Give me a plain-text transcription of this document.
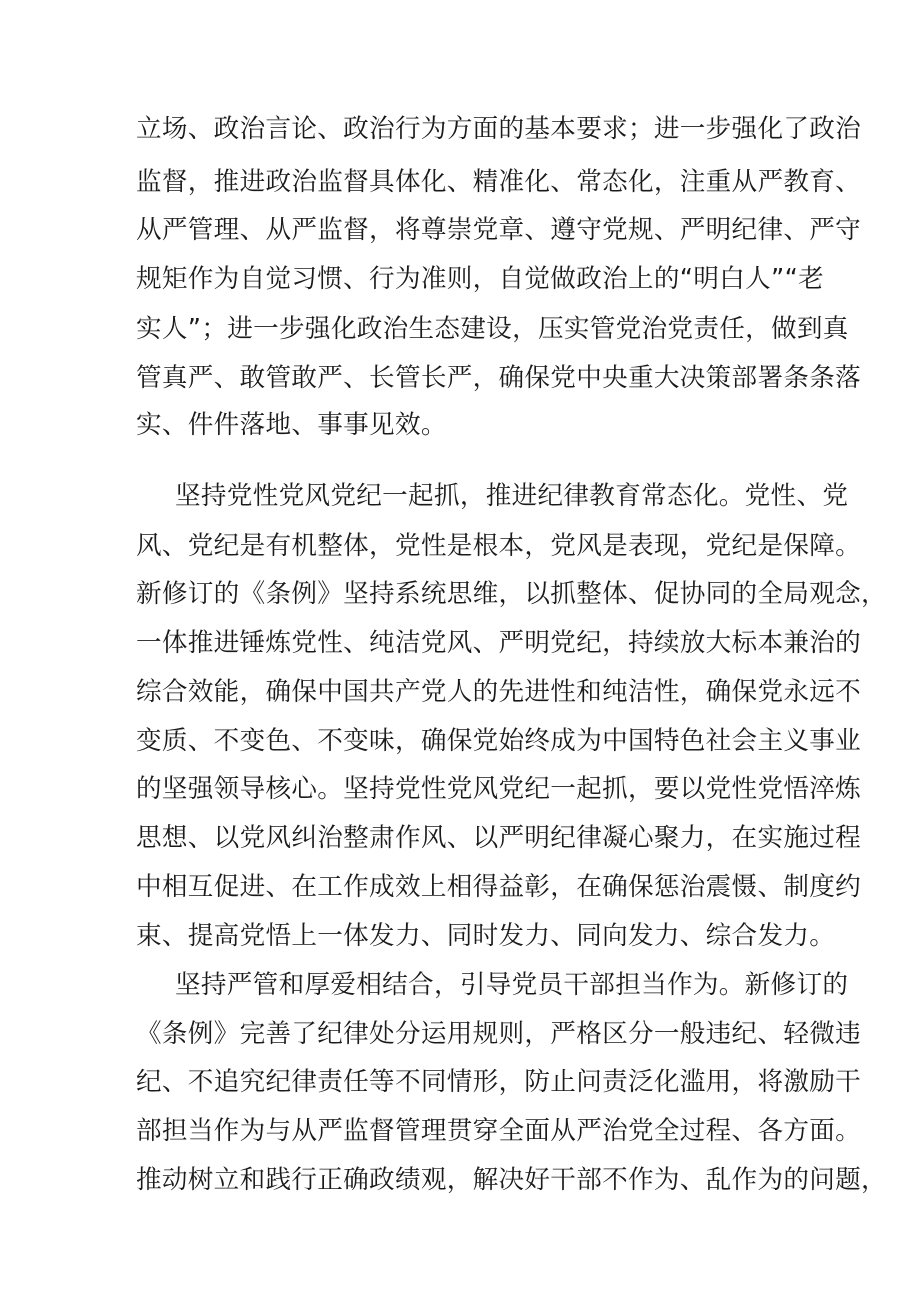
立场、政治言论、政治行为方面的基本要求；进一步强化了政治
监督，推进政治监督具体化、精准化、常态化，注重从严教育、
从严管理、从严监督，将尊崇党章、遵守党规、严明纪律、严守
规矩作为自觉习惯、行为准则，自觉做政治上的“明白人”“老
实人”；进一步强化政治生态建设，压实管党治党责任，做到真
管真严、敢管敢严、长管长严，确保党中央重大决策部署条条落
实、件件落地、事事见效。
坚持党性党风党纪一起抓，推进纪律教育常态化。党性、党
风、党纪是有机整体，党性是根本，党风是表现，党纪是保障。
新修订的《条例》坚持系统思维，以抓整体、促协同的全局观念，
一体推进锤炼党性、纯洁党风、严明党纪，持续放大标本兼治的
综合效能，确保中国共产党人的先进性和纯洁性，确保党永远不
变质、不变色、不变味，确保党始终成为中国特色社会主义事业
的坚强领导核心。坚持党性党风党纪一起抓，要以党性党悟淬炼
思想、以党风纠治整肃作风、以严明纪律凝心聚力，在实施过程
中相互促进、在工作成效上相得益彰，在确保惩治震慑、制度约
束、提高党悟上一体发力、同时发力、同向发力、综合发力。
坚持严管和厚爱相结合，引导党员干部担当作为。新修订的
《条例》完善了纪律处分运用规则，严格区分一般违纪、轻微违
纪、不追究纪律责任等不同情形，防止问责泛化滥用，将激励干
部担当作为与从严监督管理贯穿全面从严治党全过程、各方面。
推动树立和践行正确政绩观，解决好干部不作为、乱作为的问题，
